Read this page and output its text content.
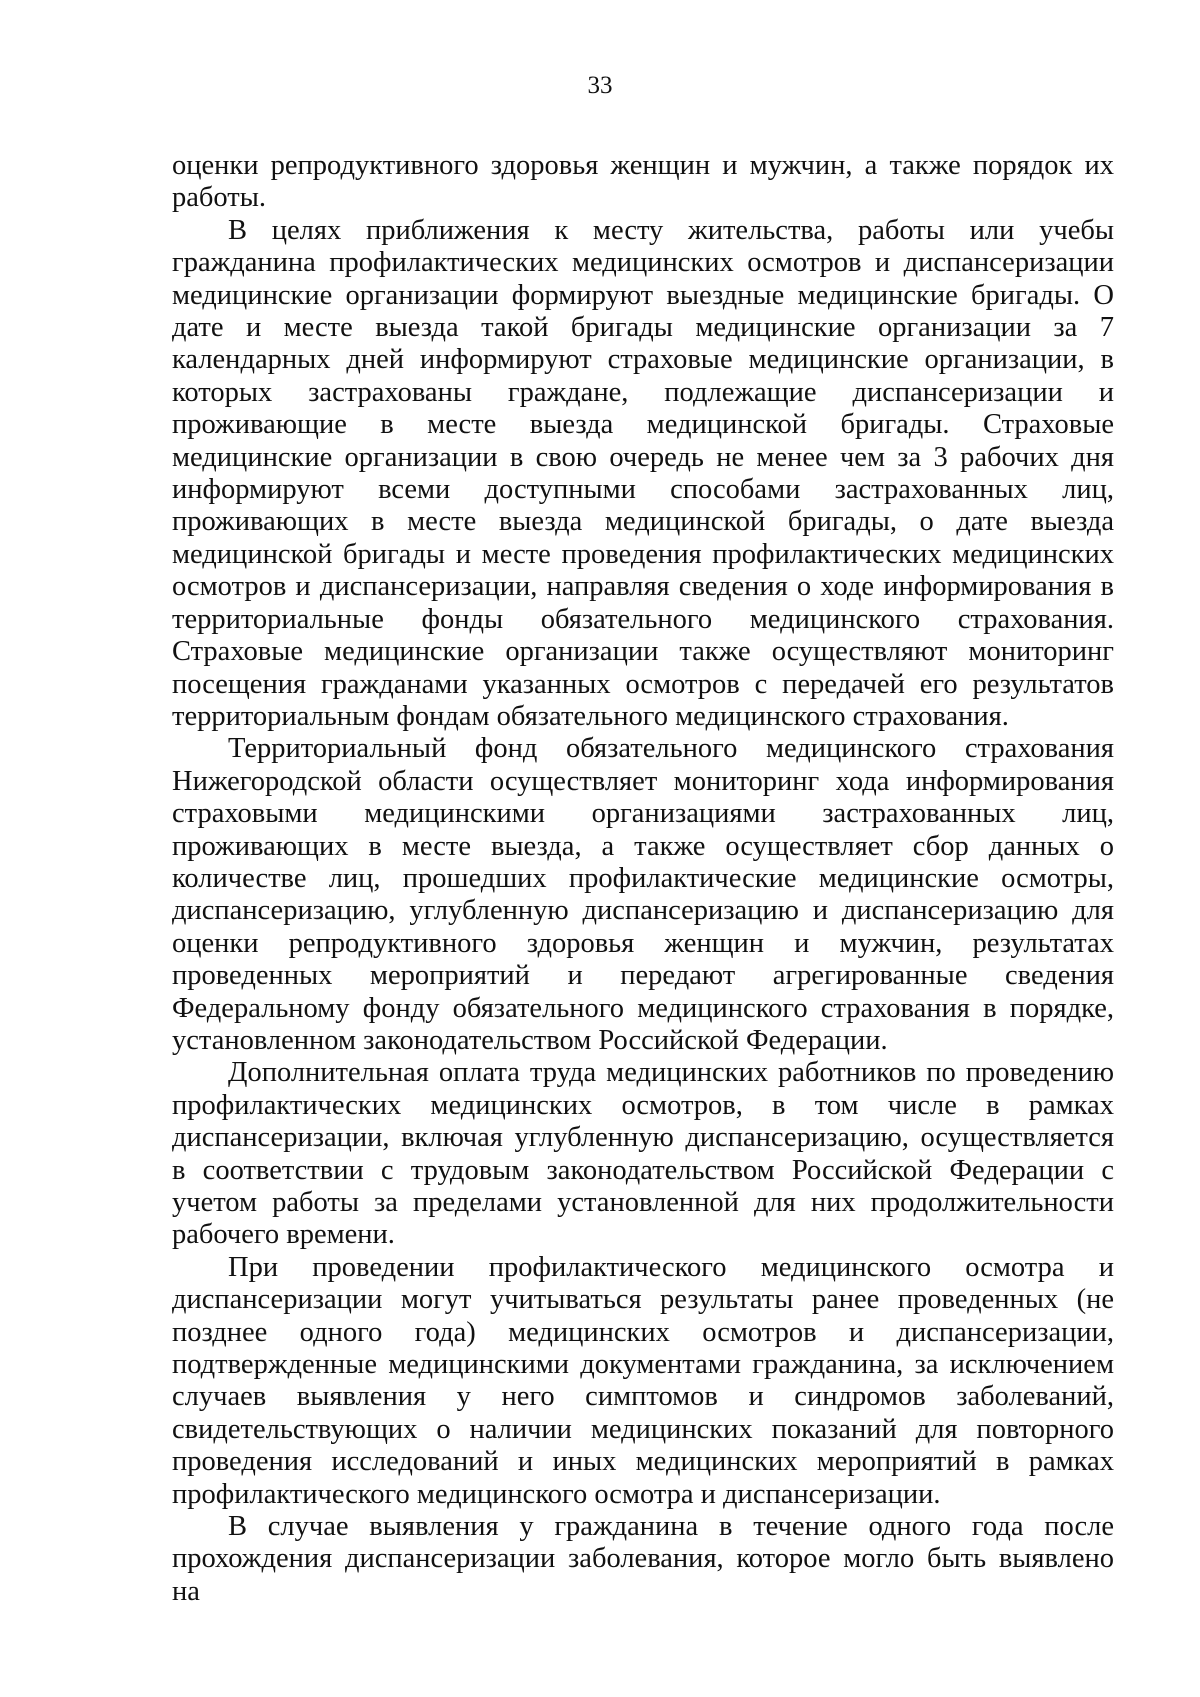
33

оценки репродуктивного здоровья женщин и мужчин, а также порядок их работы.

В целях приближения к месту жительства, работы или учебы гражданина профилактических медицинских осмотров и диспансеризации медицинские организации формируют выездные медицинские бригады. О дате и месте выезда такой бригады медицинские организации за 7 календарных дней информируют страховые медицинские организации, в которых застрахованы граждане, подлежащие диспансеризации и проживающие в месте выезда медицинской бригады. Страховые медицинские организации в свою очередь не менее чем за 3 рабочих дня информируют всеми доступными способами застрахованных лиц, проживающих в месте выезда медицинской бригады, о дате выезда медицинской бригады и месте проведения профилактических медицинских осмотров и диспансеризации, направляя сведения о ходе информирования в территориальные фонды обязательного медицинского страхования. Страховые медицинские организации также осуществляют мониторинг посещения гражданами указанных осмотров с передачей его результатов территориальным фондам обязательного медицинского страхования.

Территориальный фонд обязательного медицинского страхования Нижегородской области осуществляет мониторинг хода информирования страховыми медицинскими организациями застрахованных лиц, проживающих в месте выезда, а также осуществляет сбор данных о количестве лиц, прошедших профилактические медицинские осмотры, диспансеризацию, углубленную диспансеризацию и диспансеризацию для оценки репродуктивного здоровья женщин и мужчин, результатах проведенных мероприятий и передают агрегированные сведения Федеральному фонду обязательного медицинского страхования в порядке, установленном законодательством Российской Федерации.

Дополнительная оплата труда медицинских работников по проведению профилактических медицинских осмотров, в том числе в рамках диспансеризации, включая углубленную диспансеризацию, осуществляется в соответствии с трудовым законодательством Российской Федерации с учетом работы за пределами установленной для них продолжительности рабочего времени.

При проведении профилактического медицинского осмотра и диспансеризации могут учитываться результаты ранее проведенных (не позднее одного года) медицинских осмотров и диспансеризации, подтвержденные медицинскими документами гражданина, за исключением случаев выявления у него симптомов и синдромов заболеваний, свидетельствующих о наличии медицинских показаний для повторного проведения исследований и иных медицинских мероприятий в рамках профилактического медицинского осмотра и диспансеризации.

В случае выявления у гражданина в течение одного года после прохождения диспансеризации заболевания, которое могло быть выявлено на
